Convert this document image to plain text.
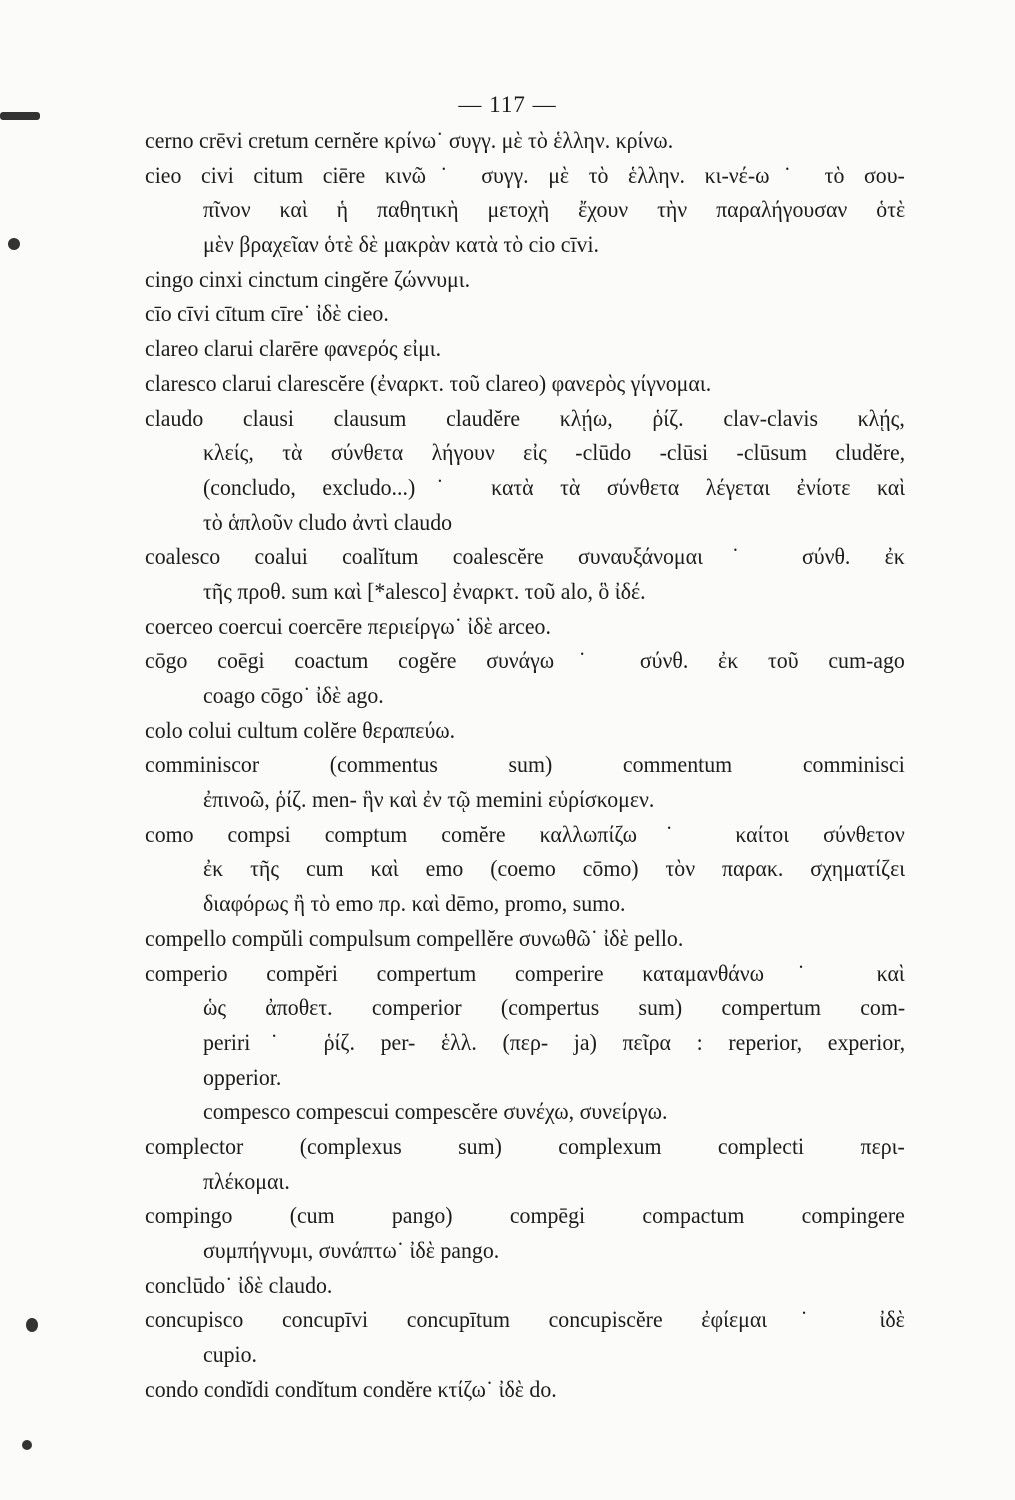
— 117 —
cerno crēvi cretum cernĕre κρίνω˙ συγγ. μὲ τὸ ἑλλην. κρίνω.
cieo civi citum ciēre κινῶ˙ συγγ. μὲ τὸ ἑλλην. κι-νέ-ω˙ τὸ σου-
πῖνον καὶ ἡ παθητικὴ μετοχὴ ἔχουν τὴν παραλήγουσαν ὁτὲ
μὲν βραχεῖαν ὁτὲ δὲ μακρὰν κατὰ τὸ cio cīvi.
cingo cinxi cinctum cingĕre ζώννυμι.
cīo cīvi cītum cīre˙ ἰδὲ cieo.
clareo clarui clarēre φανερός εἰμι.
claresco clarui clarescĕre (ἐναρκτ. τοῦ clareo) φανερὸς γίγνομαι.
claudo clausi clausum claudĕre κλῄω, ῥίζ. clav-clavis κλῄς,
κλείς, τὰ σύνθετα λήγουν εἰς -clūdo -clūsi -clūsum cludĕre,
(concludo, excludo...)˙ κατὰ τὰ σύνθετα λέγεται ἐνίοτε καὶ
τὸ ἁπλοῦν cludo ἀντὶ claudo
coalesco coalui coalĭtum coalescĕre συναυξάνομαι˙ σύνθ. ἐκ
τῆς προθ. sum καὶ [*alesco] ἐναρκτ. τοῦ alo, ὃ ἰδέ.
coerceo coercui coercēre περιείργω˙ ἰδὲ arceo.
cōgo coēgi coactum cogĕre συνάγω˙ σύνθ. ἐκ τοῦ cum-ago
coago cōgo˙ ἰδὲ ago.
colo colui cultum colĕre θεραπεύω.
comminiscor (commentus sum) commentum comminisci
ἐπινοῶ, ῥίζ. men- ἣν καὶ ἐν τῷ memini εὑρίσκομεν.
como compsi comptum comĕre καλλωπίζω˙ καίτοι σύνθετον
ἐκ τῆς cum καὶ emo (coemo cōmo) τὸν παρακ. σχηματίζει
διαφόρως ἢ τὸ emo πρ. καὶ dēmo, promo, sumo.
compello compŭli compulsum compellĕre συνωθῶ˙ ἰδὲ pello.
comperio compĕri compertum comperire καταμανθάνω˙ καὶ
ὡς ἀποθετ. comperior (compertus sum) compertum com-
periri˙ ῥίζ. per- ἑλλ. (περ- ja) πεῖρα : reperior, experior,
opperior.
compesco compescui compescĕre συνέχω, συνείργω.
complector (complexus sum) complexum complecti περι-
πλέκομαι.
compingo (cum pango) compēgi compactum compingere
συμπήγνυμι, συνάπτω˙ ἰδὲ pango.
conclūdo˙ ἰδὲ claudo.
concupisco concupīvi concupītum concupiscĕre ἐφίεμαι˙ ἰδὲ
cupio.
condo condĭdi condĭtum condĕre κτίζω˙ ἰδὲ do.
